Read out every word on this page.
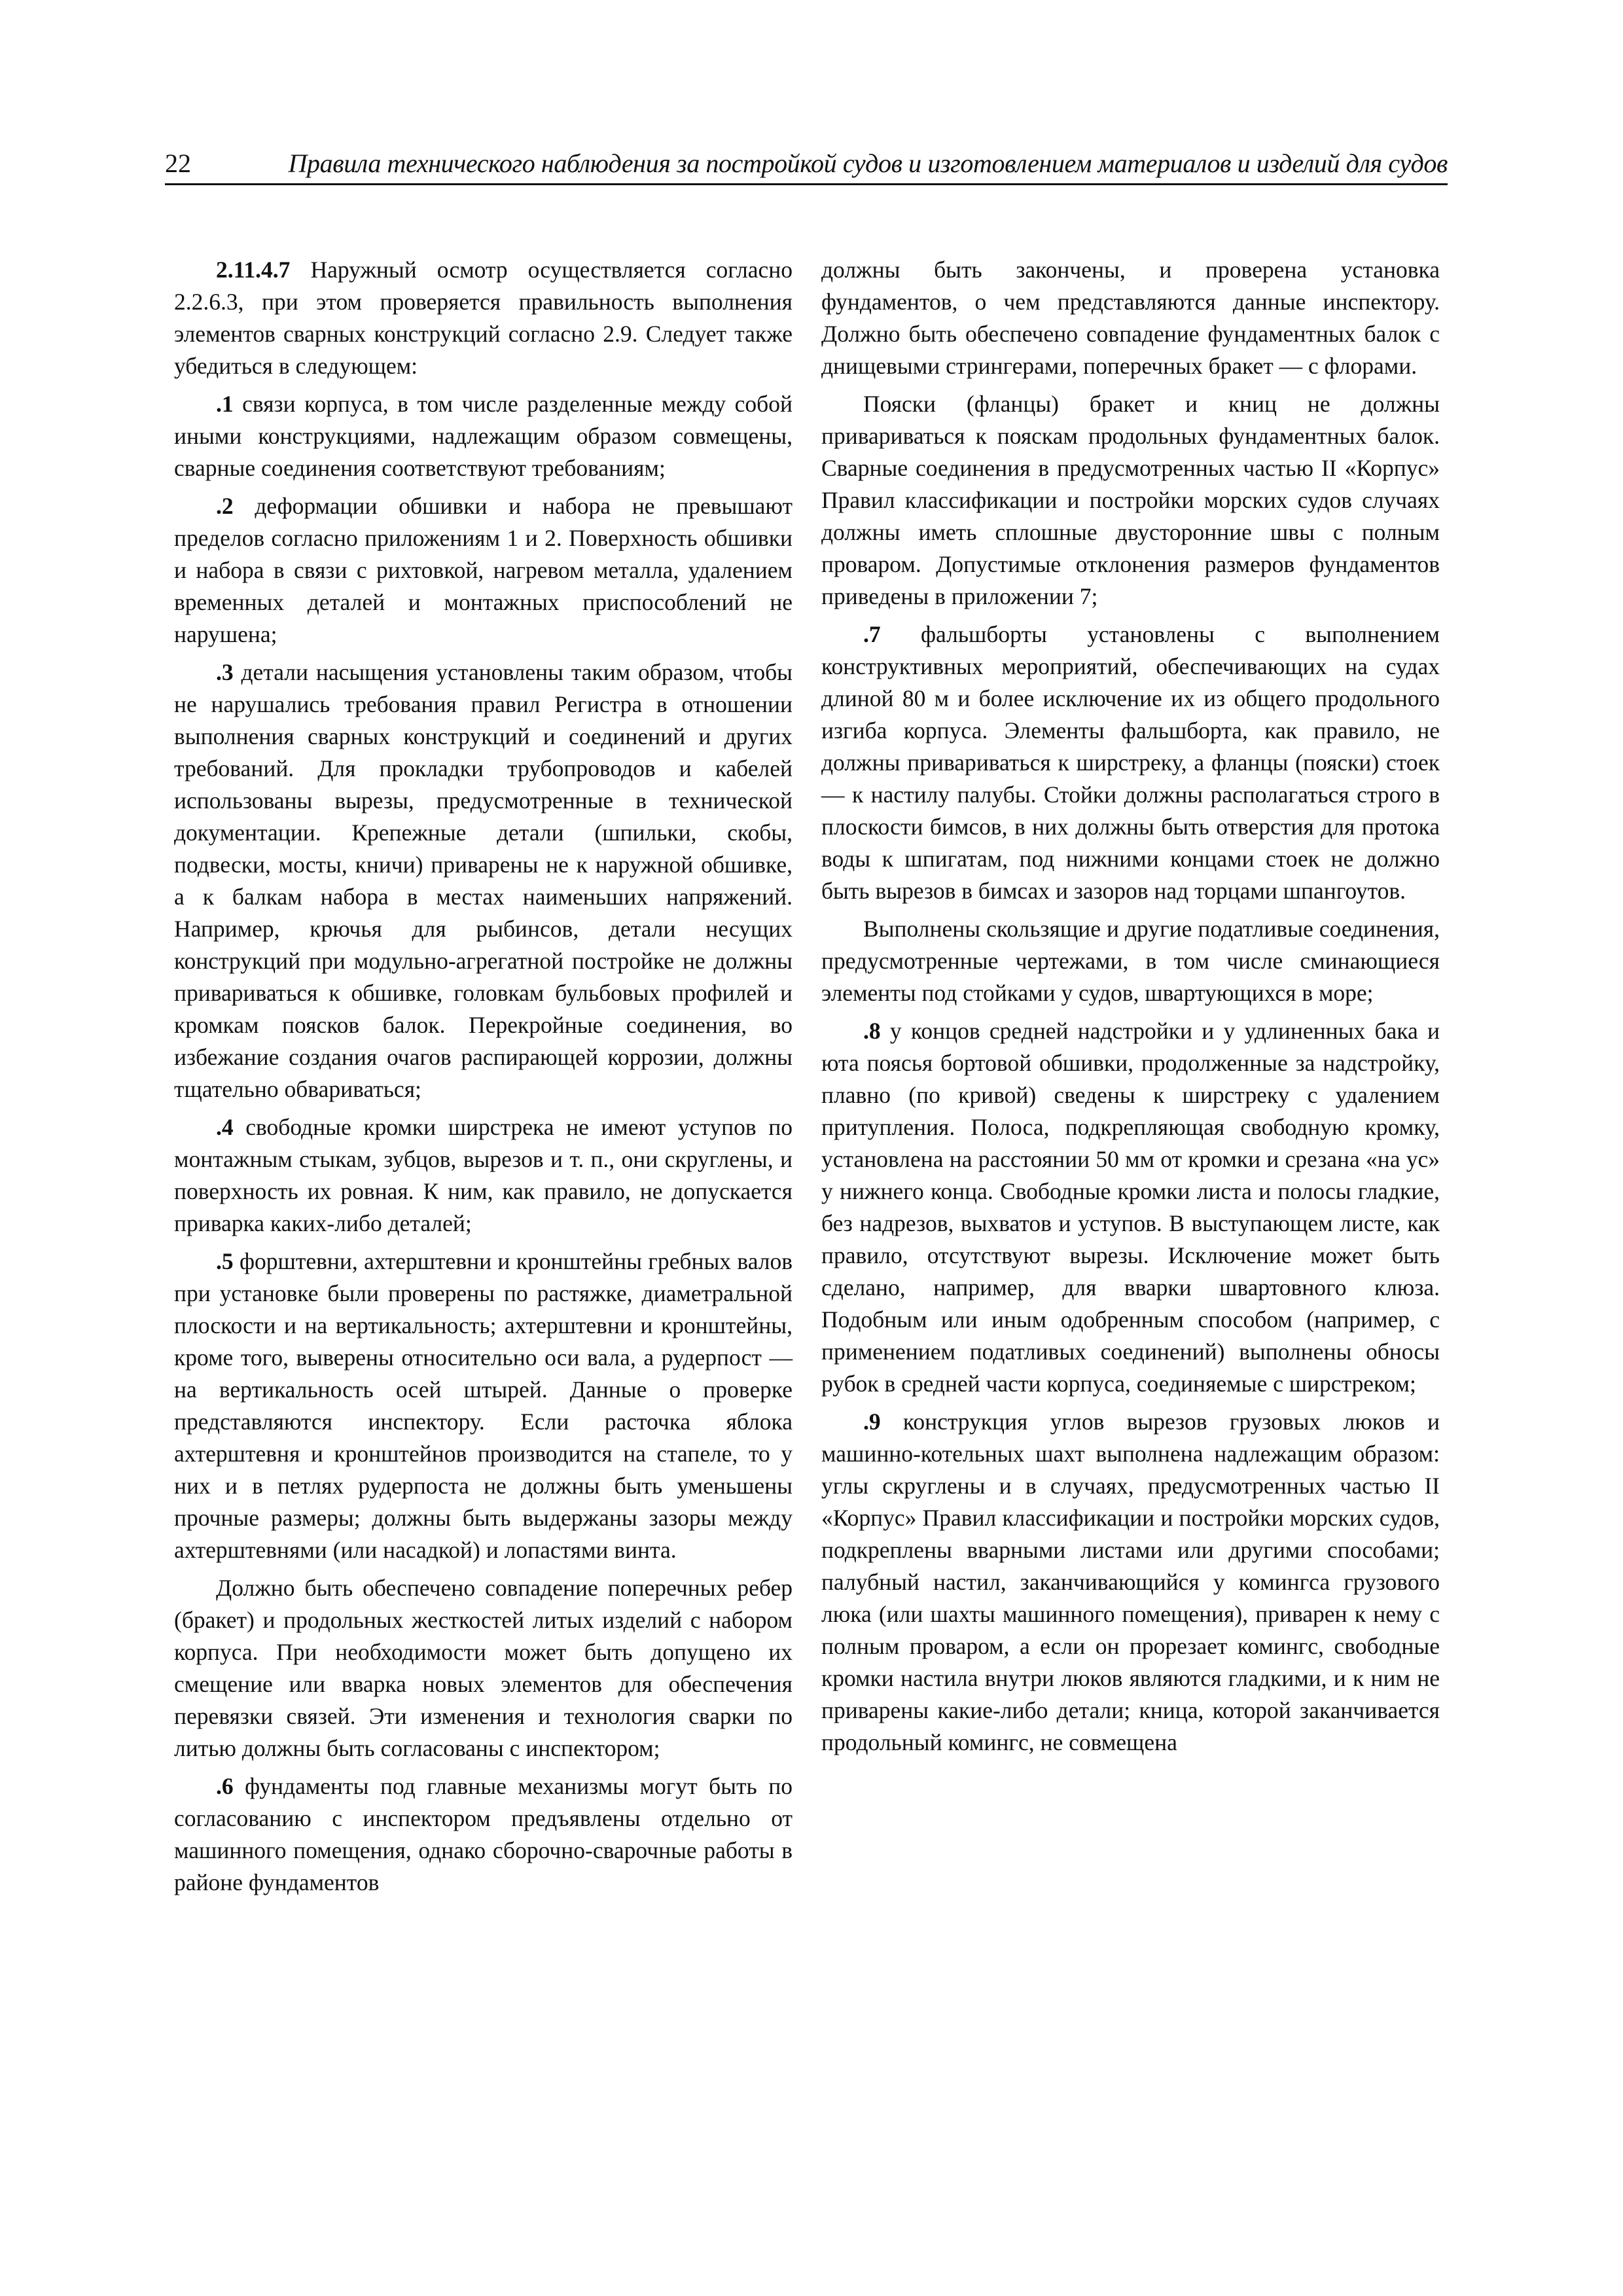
22	Правила технического наблюдения за постройкой судов и изготовлением материалов и изделий для судов

2.11.4.7 Наружный осмотр осуществляется согласно 2.2.6.3, при этом проверяется правильность выполнения элементов сварных конструкций согласно 2.9. Следует также убедиться в следующем:

.1 связи корпуса, в том числе разделенные между собой иными конструкциями, надлежащим образом совмещены, сварные соединения соответствуют требованиям;

.2 деформации обшивки и набора не превышают пределов согласно приложениям 1 и 2. Поверхность обшивки и набора в связи с рихтовкой, нагревом металла, удалением временных деталей и монтажных приспособлений не нарушена;

.3 детали насыщения установлены таким образом, чтобы не нарушались требования правил Регистра в отношении выполнения сварных конструкций и соединений и других требований. Для прокладки трубопроводов и кабелей использованы вырезы, предусмотренные в технической документации. Крепежные детали (шпильки, скобы, подвески, мосты, кничи) приварены не к наружной обшивке, а к балкам набора в местах наименьших напряжений. Например, крючья для рыбинсов, детали несущих конструкций при модульно-агрегатной постройке не должны привариваться к обшивке, головкам бульбовых профилей и кромкам поясков балок. Перекройные соединения, во избежание создания очагов распирающей коррозии, должны тщательно обвариваться;

.4 свободные кромки ширстрека не имеют уступов по монтажным стыкам, зубцов, вырезов и т. п., они скруглены, и поверхность их ровная. К ним, как правило, не допускается приварка каких-либо деталей;

.5 форштевни, ахтерштевни и кронштейны гребных валов при установке были проверены по растяжке, диаметральной плоскости и на вертикальность; ахтерштевни и кронштейны, кроме того, выверены относительно оси вала, а рудерпост — на вертикальность осей штырей. Данные о проверке представляются инспектору. Если расточка яблока ахтерштевня и кронштейнов производится на стапеле, то у них и в петлях рудерпоста не должны быть уменьшены прочные размеры; должны быть выдержаны зазоры между ахтерштевнями (или насадкой) и лопастями винта.

Должно быть обеспечено совпадение поперечных ребер (бракет) и продольных жесткостей литых изделий с набором корпуса. При необходимости может быть допущено их смещение или вварка новых элементов для обеспечения перевязки связей. Эти изменения и технология сварки по литью должны быть согласованы с инспектором;

.6 фундаменты под главные механизмы могут быть по согласованию с инспектором предъявлены отдельно от машинного помещения, однако сборочно-сварочные работы в районе фундаментов

должны быть закончены, и проверена установка фундаментов, о чем представляются данные инспектору. Должно быть обеспечено совпадение фундаментных балок с днищевыми стрингерами, поперечных бракет — с флорами.

Пояски (фланцы) бракет и книц не должны привариваться к пояскам продольных фундаментных балок. Сварные соединения в предусмотренных частью II «Корпус» Правил классификации и постройки морских судов случаях должны иметь сплошные двусторонние швы с полным проваром. Допустимые отклонения размеров фундаментов приведены в приложении 7;

.7 фальшборты установлены с выполнением конструктивных мероприятий, обеспечивающих на судах длиной 80 м и более исключение их из общего продольного изгиба корпуса. Элементы фальшборта, как правило, не должны привариваться к ширстреку, а фланцы (пояски) стоек — к настилу палубы. Стойки должны располагаться строго в плоскости бимсов, в них должны быть отверстия для протока воды к шпигатам, под нижними концами стоек не должно быть вырезов в бимсах и зазоров над торцами шпангоутов.

Выполнены скользящие и другие податливые соединения, предусмотренные чертежами, в том числе сминающиеся элементы под стойками у судов, швартующихся в море;

.8 у концов средней надстройки и у удлиненных бака и юта поясья бортовой обшивки, продолженные за надстройку, плавно (по кривой) сведены к ширстреку с удалением притупления. Полоса, подкрепляющая свободную кромку, установлена на расстоянии 50 мм от кромки и срезана «на ус» у нижнего конца. Свободные кромки листа и полосы гладкие, без надрезов, выхватов и уступов. В выступающем листе, как правило, отсутствуют вырезы. Исключение может быть сделано, например, для вварки швартовного клюза. Подобным или иным одобренным способом (например, с применением податливых соединений) выполнены обносы рубок в средней части корпуса, соединяемые с ширстреком;

.9 конструкция углов вырезов грузовых люков и машинно-котельных шахт выполнена надлежащим образом: углы скруглены и в случаях, предусмотренных частью II «Корпус» Правил классификации и постройки морских судов, подкреплены вварными листами или другими способами; палубный настил, заканчивающийся у комингса грузового люка (или шахты машинного помещения), приварен к нему с полным проваром, а если он прорезает комингс, свободные кромки настила внутри люков являются гладкими, и к ним не приварены какие-либо детали; кница, которой заканчивается продольный комингс, не совмещена
